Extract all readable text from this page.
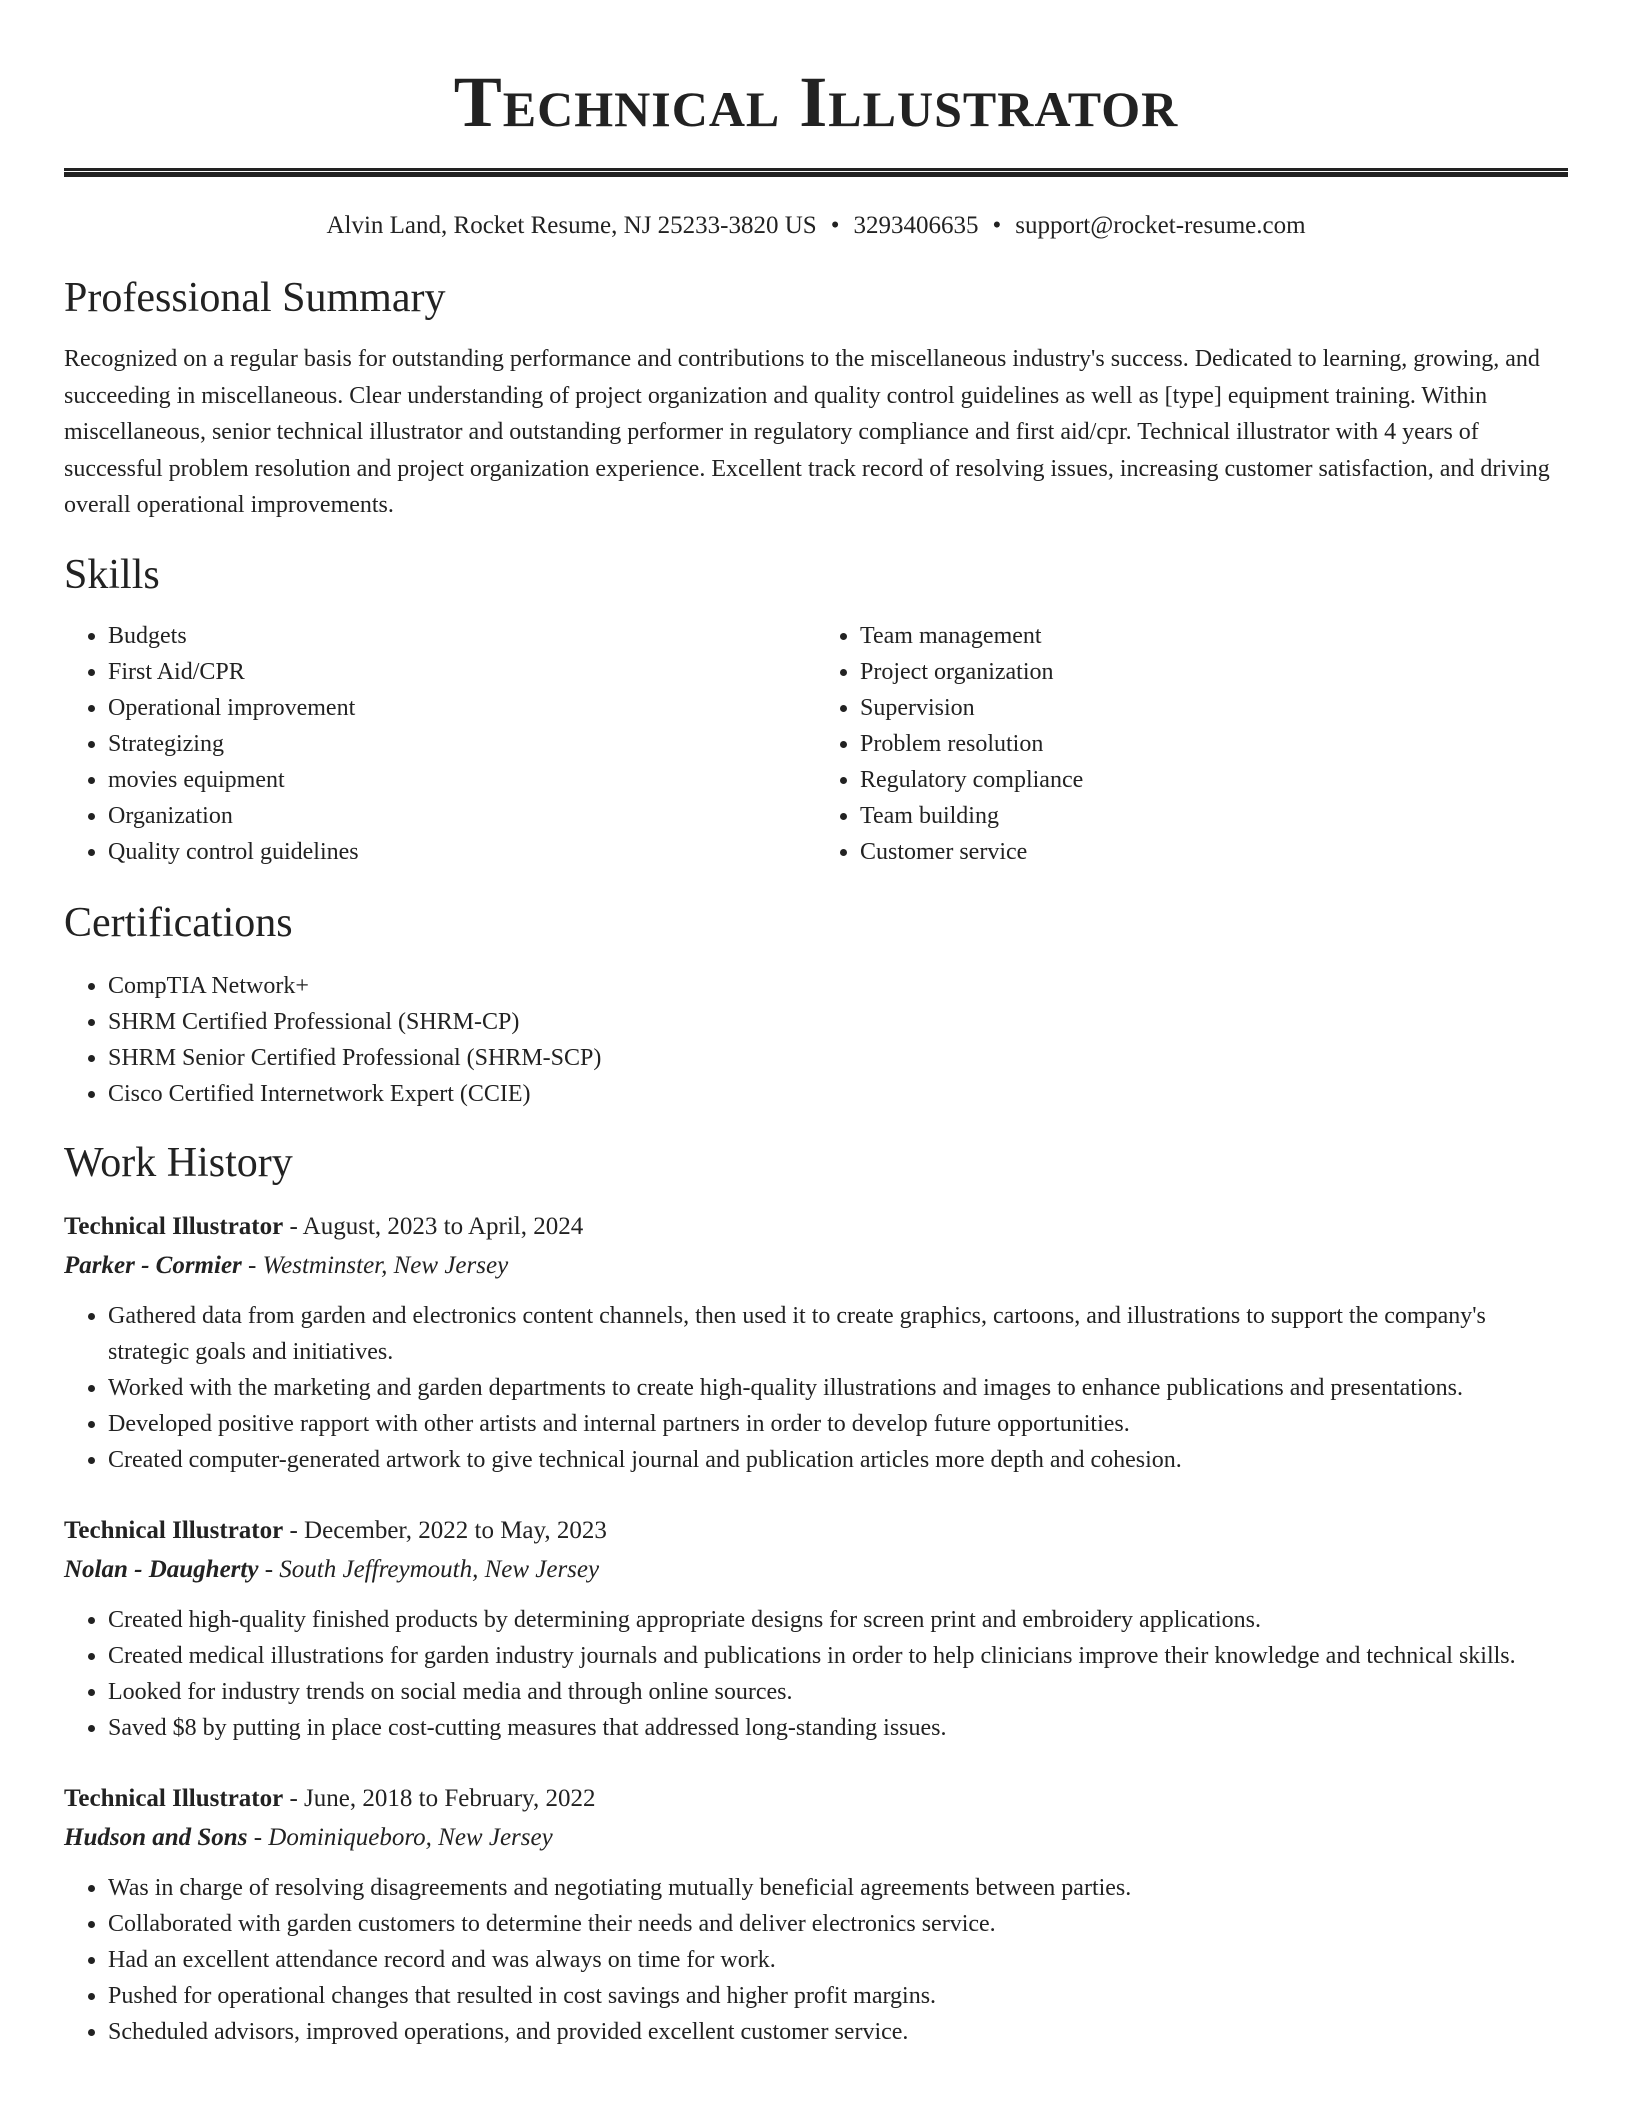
Technical Illustrator
Alvin Land, Rocket Resume, NJ 25233-3820 US • 3293406635 • support@rocket-resume.com
Professional Summary

Recognized on a regular basis for outstanding performance and contributions to the miscellaneous industry's success. Dedicated to learning, growing, and succeeding in miscellaneous. Clear understanding of project organization and quality control guidelines as well as [type] equipment training. Within miscellaneous, senior technical illustrator and outstanding performer in regulatory compliance and first aid/cpr. Technical illustrator with 4 years of successful problem resolution and project organization experience. Excellent track record of resolving issues, increasing customer satisfaction, and driving overall operational improvements.

Skills
• Budgets
• First Aid/CPR
• Operational improvement
• Strategizing
• movies equipment
• Organization
• Quality control guidelines
• Team management
• Project organization
• Supervision
• Problem resolution
• Regulatory compliance
• Team building
• Customer service
Certifications
• CompTIA Network+
• SHRM Certified Professional (SHRM-CP)
• SHRM Senior Certified Professional (SHRM-SCP)
• Cisco Certified Internetwork Expert (CCIE)
Work History
Technical Illustrator - August, 2023 to April, 2024
Parker - Cormier - Westminster, New Jersey
• Gathered data from garden and electronics content channels, then used it to create graphics, cartoons, and illustrations to support the company's strategic goals and initiatives.
• Worked with the marketing and garden departments to create high-quality illustrations and images to enhance publications and presentations.
• Developed positive rapport with other artists and internal partners in order to develop future opportunities.
• Created computer-generated artwork to give technical journal and publication articles more depth and cohesion.
Technical Illustrator - December, 2022 to May, 2023
Nolan - Daugherty - South Jeffreymouth, New Jersey
• Created high-quality finished products by determining appropriate designs for screen print and embroidery applications.
• Created medical illustrations for garden industry journals and publications in order to help clinicians improve their knowledge and technical skills.
• Looked for industry trends on social media and through online sources.
• Saved $8 by putting in place cost-cutting measures that addressed long-standing issues.
Technical Illustrator - June, 2018 to February, 2022
Hudson and Sons - Dominiqueboro, New Jersey
• Was in charge of resolving disagreements and negotiating mutually beneficial agreements between parties.
• Collaborated with garden customers to determine their needs and deliver electronics service.
• Had an excellent attendance record and was always on time for work.
• Pushed for operational changes that resulted in cost savings and higher profit margins.
• Scheduled advisors, improved operations, and provided excellent customer service.
